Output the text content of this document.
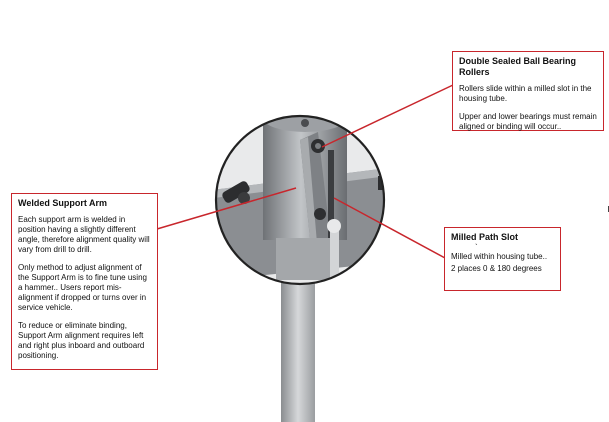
Double Sealed Ball Bearing Rollers

Rollers slide within a milled slot in the housing tube.

Upper and lower bearings must remain aligned or binding will occur..

Welded Support Arm

Each support arm is welded in position having a slightly different angle, therefore alignment quality will vary from drill to drill.

Only method to adjust alignment of the Support Arm is to fine tune using a hammer.. Users report mis-alignment if dropped or turns over in service vehicle.

To reduce or eliminate binding, Support Arm alignment requires left and right plus inboard and outboard positioning.

Milled Path Slot
`

Milled within housing tube..

2 places 0 & 180 degrees
